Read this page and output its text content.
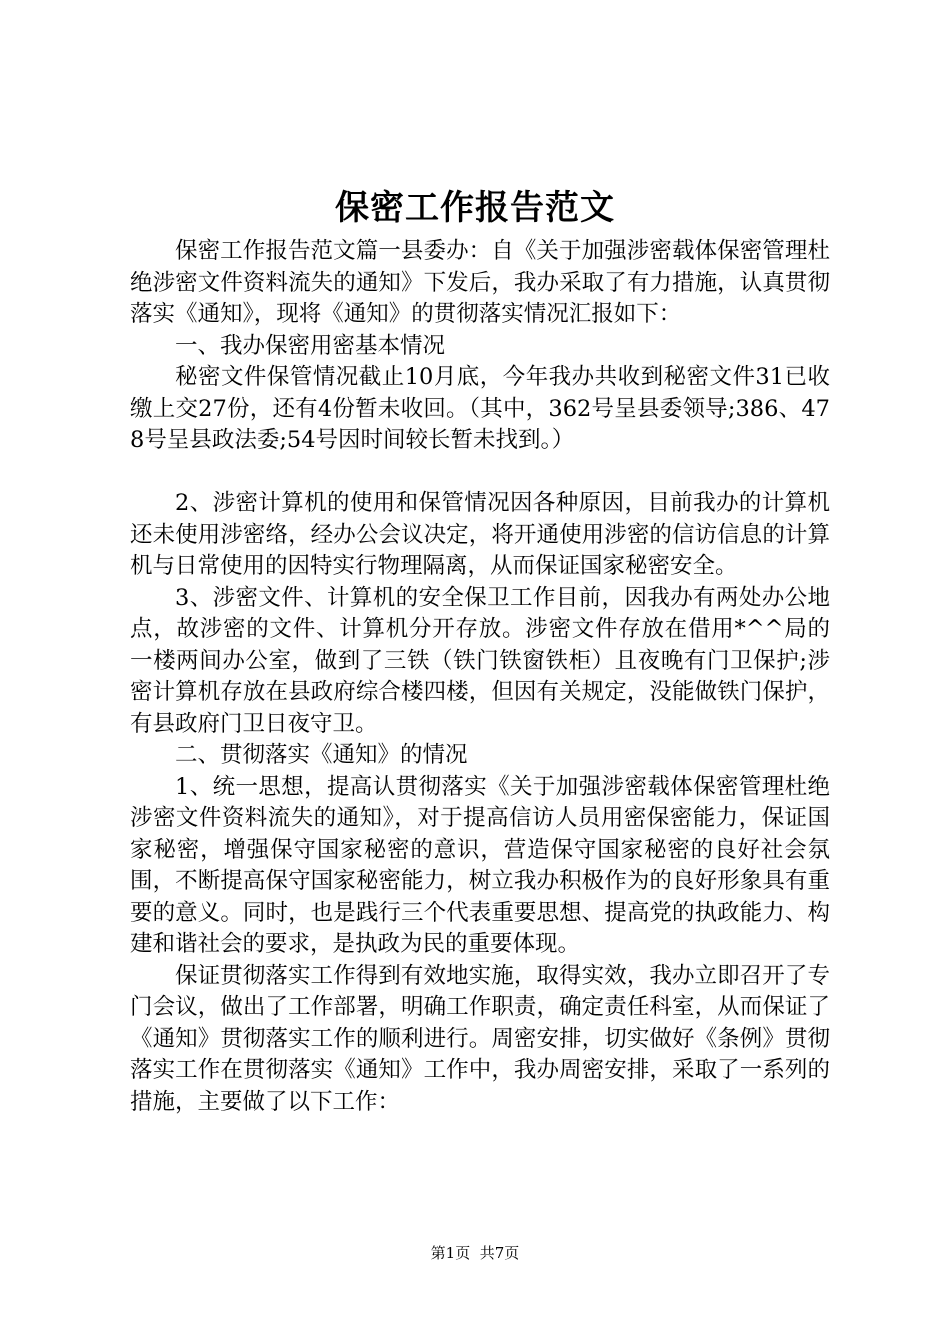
保密工作报告范文

保密工作报告范文篇一县委办：自《关于加强涉密载体保密管理杜绝涉密文件资料流失的通知》下发后，我办采取了有力措施，认真贯彻落实《通知》，现将《通知》的贯彻落实情况汇报如下：

一、我办保密用密基本情况

秘密文件保管情况截止10月底，今年我办共收到秘密文件31已收缴上交27份，还有4份暂未收回。（其中，362号呈县委领导;386、478号呈县政法委;54号因时间较长暂未找到。）

2、涉密计算机的使用和保管情况因各种原因，目前我办的计算机还未使用涉密络，经办公会议决定，将开通使用涉密的信访信息的计算机与日常使用的因特实行物理隔离，从而保证国家秘密安全。

3、涉密文件、计算机的安全保卫工作目前，因我办有两处办公地点，故涉密的文件、计算机分开存放。涉密文件存放在借用*^^局的一楼两间办公室，做到了三铁（铁门铁窗铁柜）且夜晚有门卫保护;涉密计算机存放在县政府综合楼四楼，但因有关规定，没能做铁门保护，有县政府门卫日夜守卫。

二、贯彻落实《通知》的情况

1、统一思想，提高认贯彻落实《关于加强涉密载体保密管理杜绝涉密文件资料流失的通知》，对于提高信访人员用密保密能力，保证国家秘密，增强保守国家秘密的意识，营造保守国家秘密的良好社会氛围，不断提高保守国家秘密能力，树立我办积极作为的良好形象具有重要的意义。同时，也是践行三个代表重要思想、提高党的执政能力、构建和谐社会的要求，是执政为民的重要体现。

保证贯彻落实工作得到有效地实施，取得实效，我办立即召开了专门会议，做出了工作部署，明确工作职责，确定责任科室，从而保证了《通知》贯彻落实工作的顺利进行。周密安排，切实做好《条例》贯彻落实工作在贯彻落实《通知》工作中，我办周密安排，采取了一系列的措施，主要做了以下工作：

第1页 共7页
